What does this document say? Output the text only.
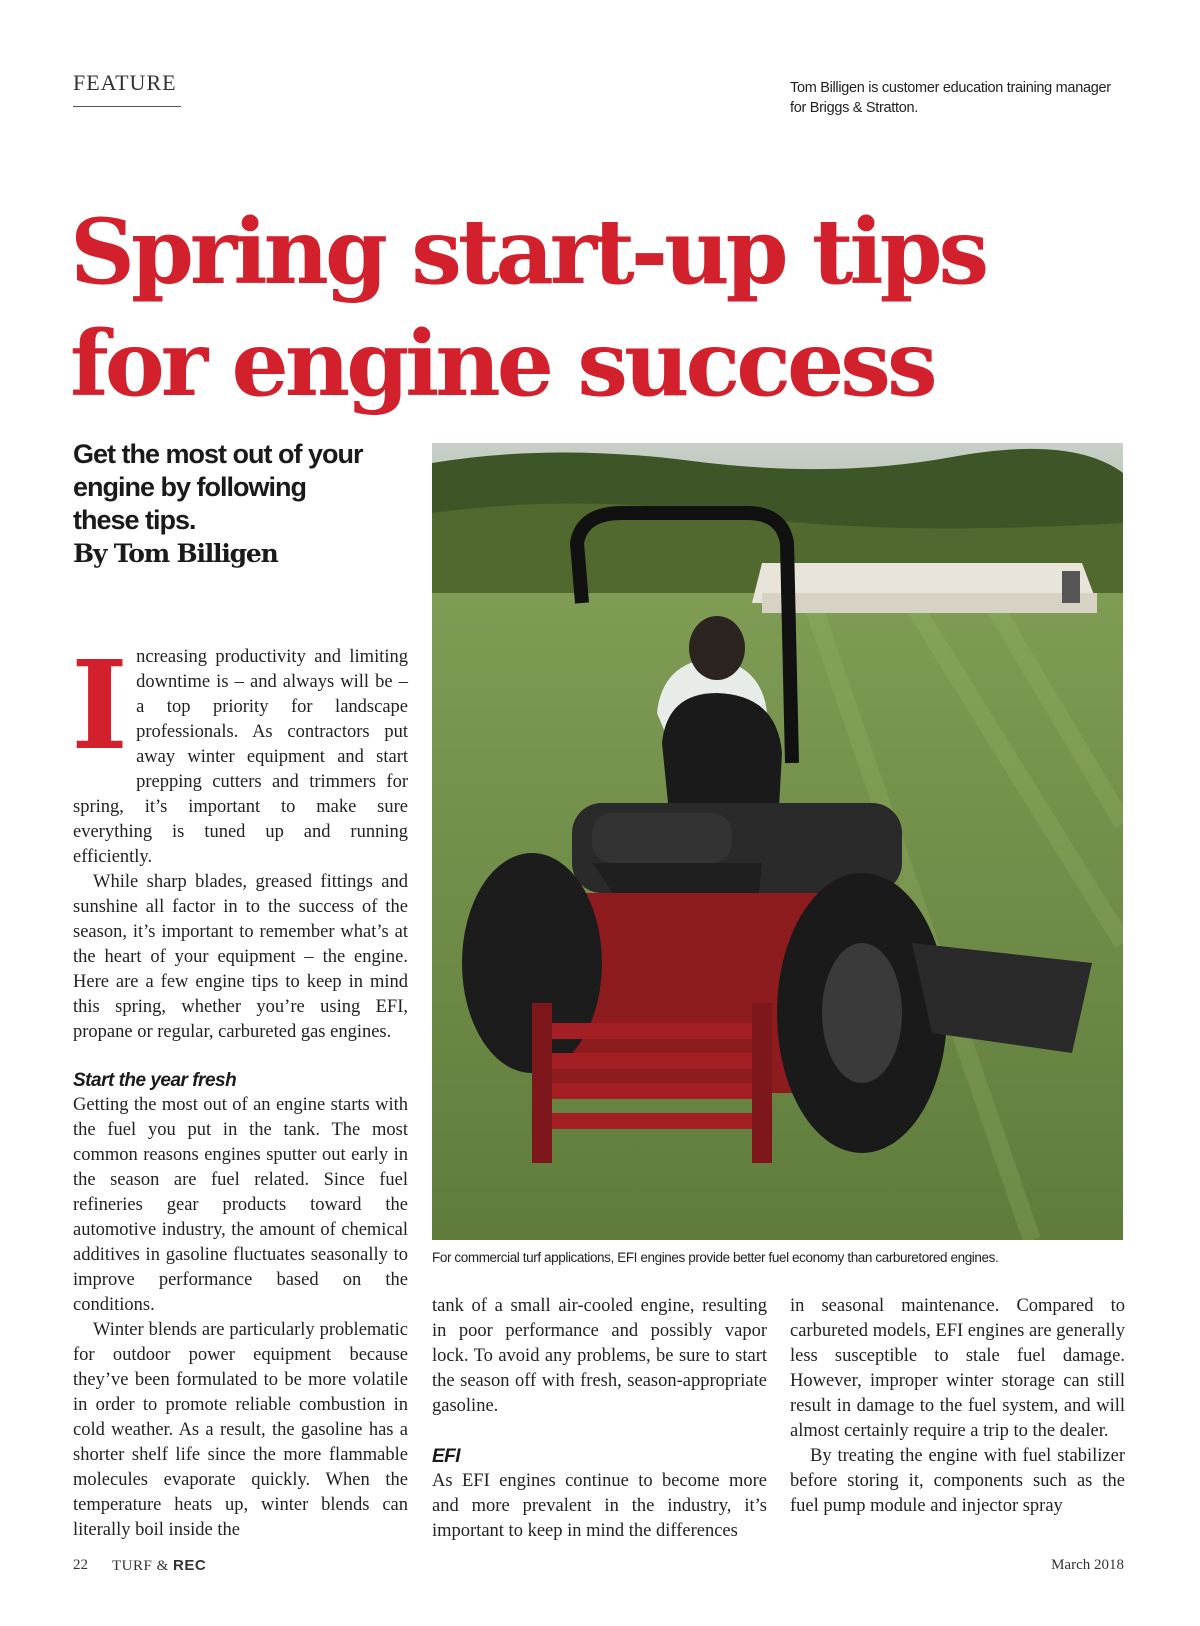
FEATURE	Tom Billigen is customer education training manager for Briggs & Stratton.
Spring start-up tips
for engine success
Get the most out of your engine by following these tips.
By Tom Billigen

Increasing productivity and limiting downtime is – and always will be – a top priority for landscape professionals. As contractors put away winter equipment and start prepping cutters and trimmers for spring, it’s important to make sure everything is tuned up and running efficiently.

While sharp blades, greased fittings and sunshine all factor in to the success of the season, it’s important to remember what’s at the heart of your equipment – the engine. Here are a few engine tips to keep in mind this spring, whether you’re using EFI, propane or regular, carbureted gas engines.

Start the year fresh

Getting the most out of an engine starts with the fuel you put in the tank. The most common reasons engines sputter out early in the season are fuel related. Since fuel refineries gear products toward the automotive industry, the amount of chemical additives in gasoline fluctuates seasonally to improve performance based on the conditions.

Winter blends are particularly problematic for outdoor power equipment because they’ve been formulated to be more volatile in order to promote reliable combustion in cold weather. As a result, the gasoline has a shorter shelf life since the more flammable molecules evaporate quickly. When the temperature heats up, winter blends can literally boil inside the

tank of a small air-cooled engine, resulting in poor performance and possibly vapor lock. To avoid any problems, be sure to start the season off with fresh, season-appropriate gasoline.

EFI

As EFI engines continue to become more and more prevalent in the industry, it’s important to keep in mind the differences

in seasonal maintenance. Compared to carbureted models, EFI engines are generally less susceptible to stale fuel damage. However, improper winter storage can still result in damage to the fuel system, and will almost certainly require a trip to the dealer.

By treating the engine with fuel stabilizer before storing it, components such as the fuel pump module and injector spray

For commercial turf applications, EFI engines provide better fuel economy than carburetored engines.
22 TURF & REC	March 2018
